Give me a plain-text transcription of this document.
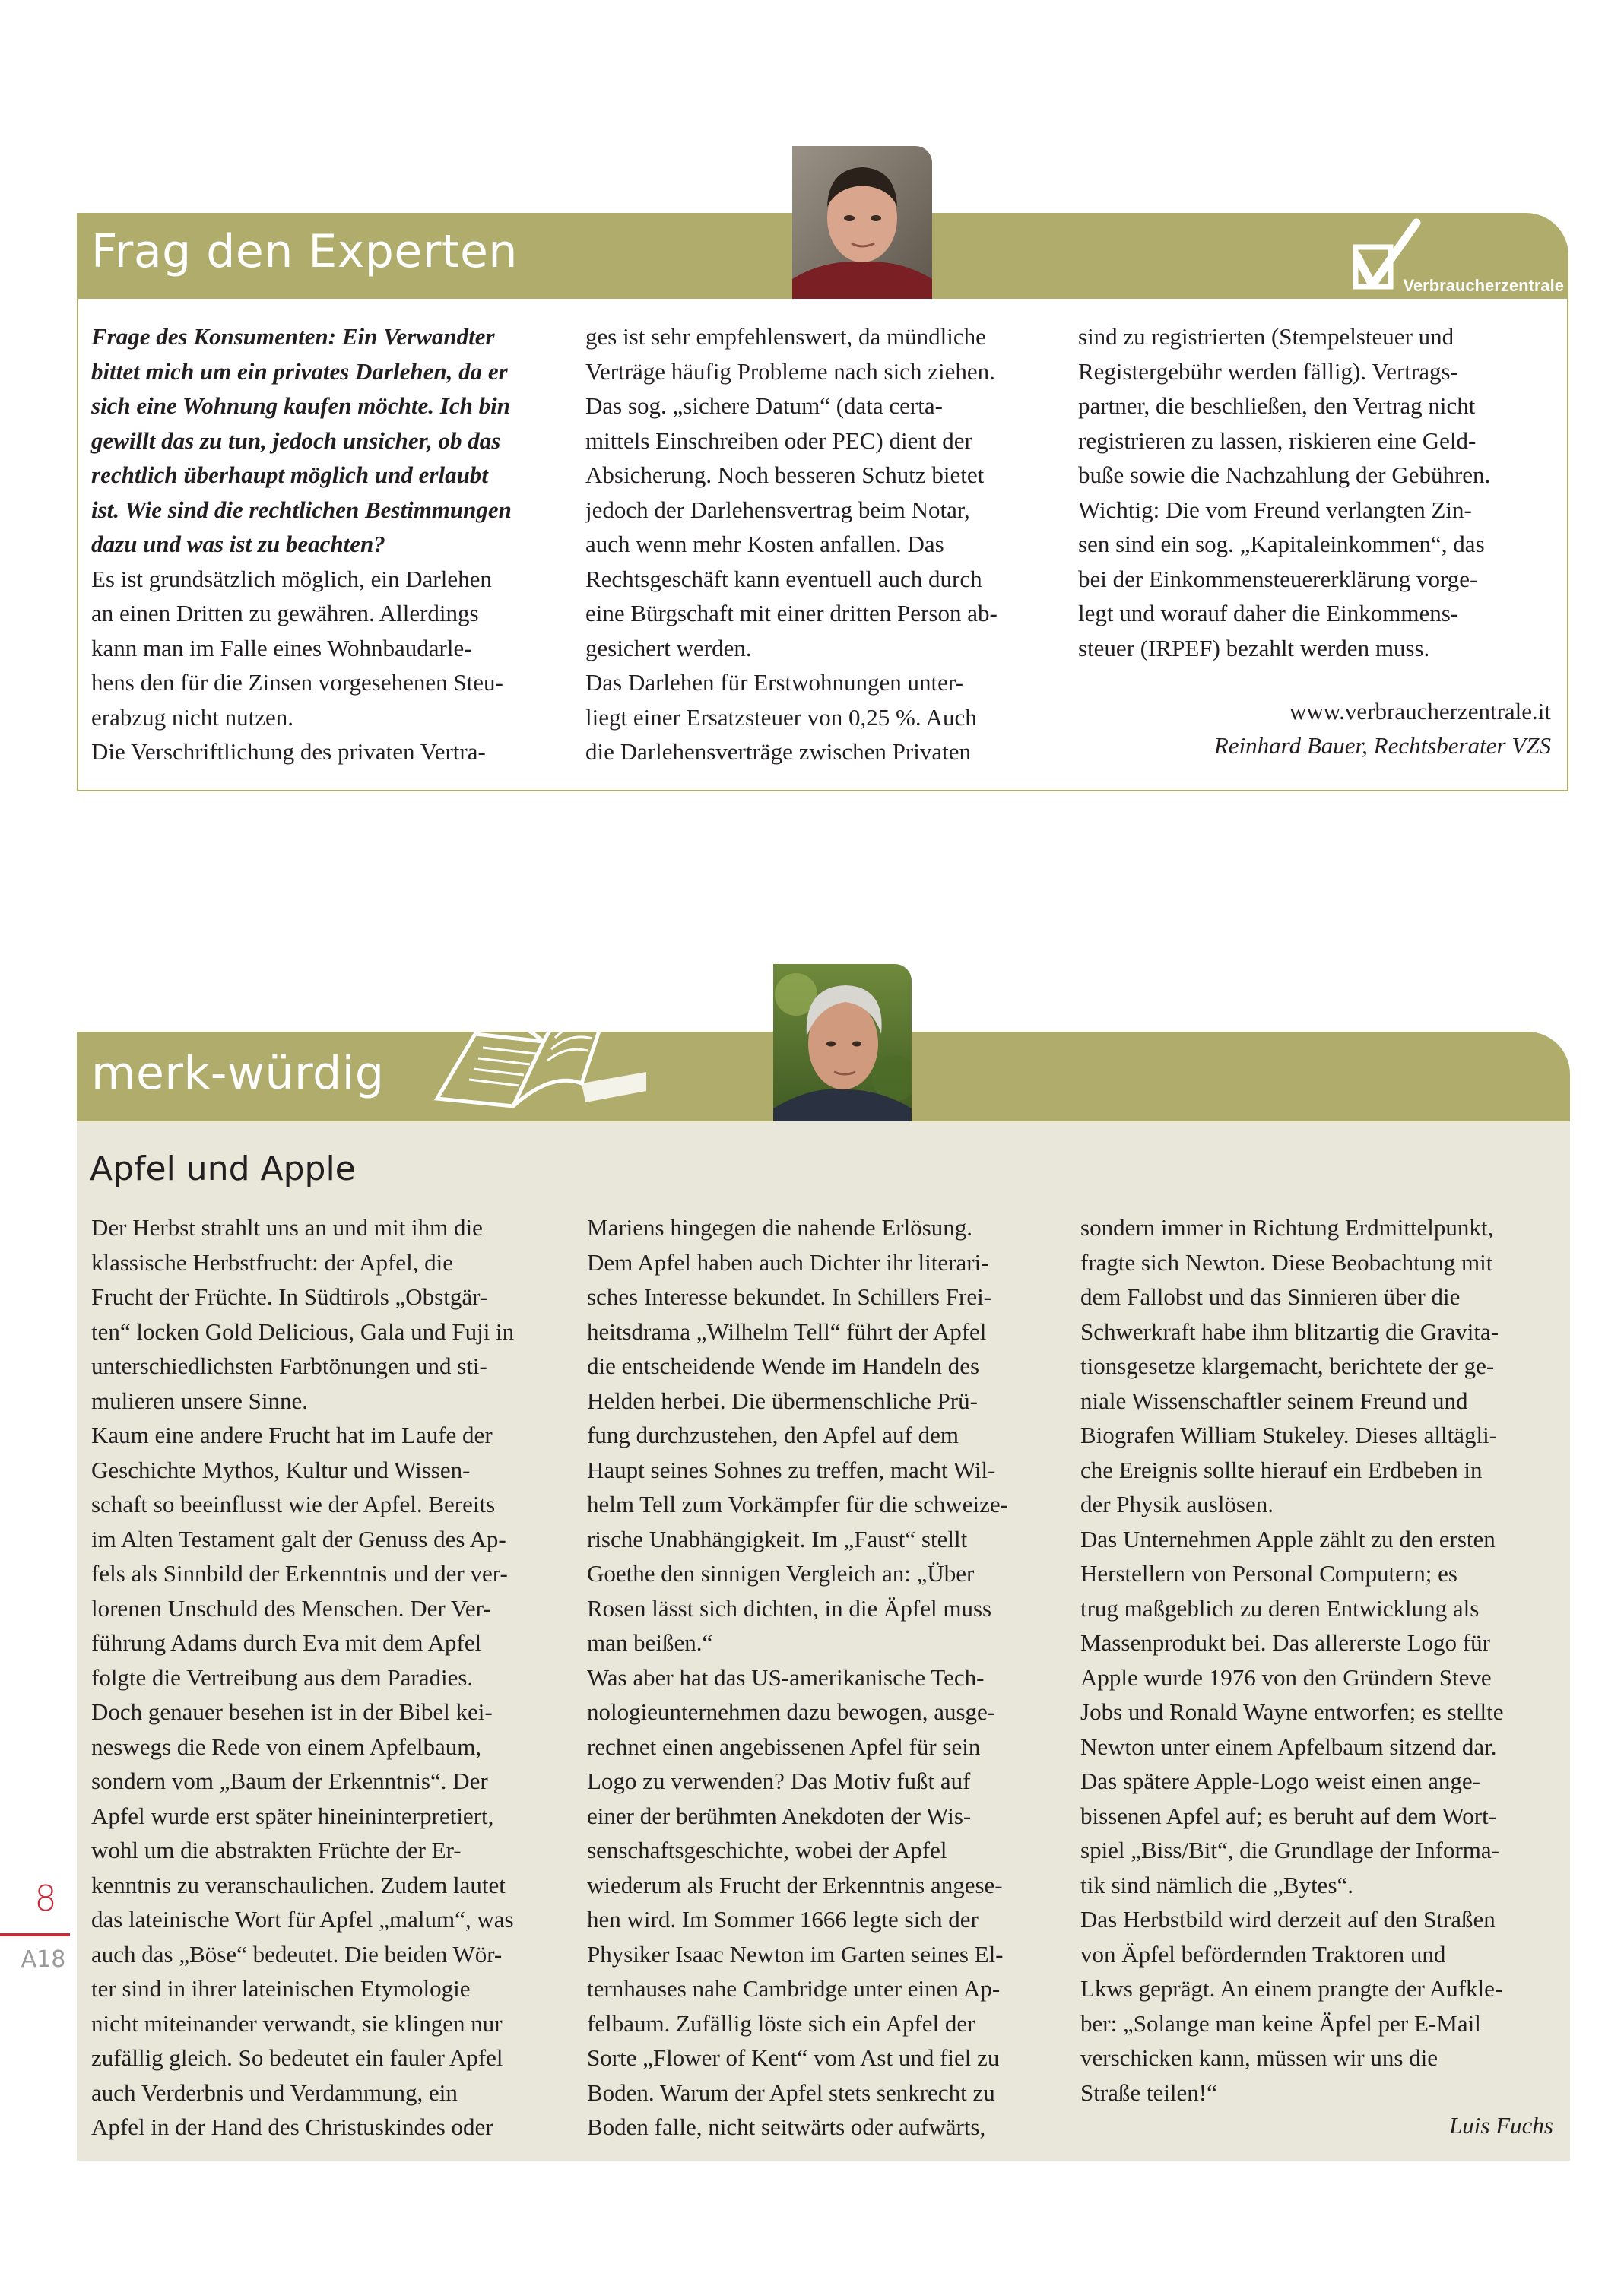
Frag den Experten
Verbraucherzentrale

Frage des Konsumenten: Ein Verwandter

bittet mich um ein privates Darlehen, da er

sich eine Wohnung kaufen möchte. Ich bin

gewillt das zu tun, jedoch unsicher, ob das

rechtlich überhaupt möglich und erlaubt

ist. Wie sind die rechtlichen Bestimmungen

dazu und was ist zu beachten?

Es ist grundsätzlich möglich, ein Darlehen

an einen Dritten zu gewähren. Allerdings

kann man im Falle eines Wohnbaudarle-

hens den für die Zinsen vorgesehenen Steu-

erabzug nicht nutzen.

Die Verschriftlichung des privaten Vertra-

ges ist sehr empfehlenswert, da mündliche

Verträge häufig Probleme nach sich ziehen.

Das sog. „sichere Datum“ (data certa-

mittels Einschreiben oder PEC) dient der

Absicherung. Noch besseren Schutz bietet

jedoch der Darlehensvertrag beim Notar,

auch wenn mehr Kosten anfallen. Das

Rechtsgeschäft kann eventuell auch durch

eine Bürgschaft mit einer dritten Person ab-

gesichert werden.

Das Darlehen für Erstwohnungen unter-

liegt einer Ersatzsteuer von 0,25 %. Auch

die Darlehensverträge zwischen Privaten

sind zu registrierten (Stempelsteuer und

Registergebühr werden fällig). Vertrags-

partner, die beschließen, den Vertrag nicht

registrieren zu lassen, riskieren eine Geld-

buße sowie die Nachzahlung der Gebühren.

Wichtig: Die vom Freund verlangten Zin-

sen sind ein sog. „Kapitaleinkommen“, das

bei der Einkommensteuererklärung vorge-

legt und worauf daher die Einkommens-

steuer (IRPEF) bezahlt werden muss.

www.verbraucherzentrale.it
Reinhard Bauer, Rechtsberater VZS
merk-würdig
Apfel und Apple

Der Herbst strahlt uns an und mit ihm die

klassische Herbstfrucht: der Apfel, die

Frucht der Früchte. In Südtirols „Obstgär-

ten“ locken Gold Delicious, Gala und Fuji in

unterschiedlichsten Farbtönungen und sti-

mulieren unsere Sinne.

Kaum eine andere Frucht hat im Laufe der

Geschichte Mythos, Kultur und Wissen-

schaft so beeinflusst wie der Apfel. Bereits

im Alten Testament galt der Genuss des Ap-

fels als Sinnbild der Erkenntnis und der ver-

lorenen Unschuld des Menschen. Der Ver-

führung Adams durch Eva mit dem Apfel

folgte die Vertreibung aus dem Paradies.

Doch genauer besehen ist in der Bibel kei-

neswegs die Rede von einem Apfelbaum,

sondern vom „Baum der Erkenntnis“. Der

Apfel wurde erst später hineininterpretiert,

wohl um die abstrakten Früchte der Er-

kenntnis zu veranschaulichen. Zudem lautet

das lateinische Wort für Apfel „malum“, was

auch das „Böse“ bedeutet. Die beiden Wör-

ter sind in ihrer lateinischen Etymologie

nicht miteinander verwandt, sie klingen nur

zufällig gleich. So bedeutet ein fauler Apfel

auch Verderbnis und Verdammung, ein

Apfel in der Hand des Christuskindes oder

Mariens hingegen die nahende Erlösung.

Dem Apfel haben auch Dichter ihr literari-

sches Interesse bekundet. In Schillers Frei-

heitsdrama „Wilhelm Tell“ führt der Apfel

die entscheidende Wende im Handeln des

Helden herbei. Die übermenschliche Prü-

fung durchzustehen, den Apfel auf dem

Haupt seines Sohnes zu treffen, macht Wil-

helm Tell zum Vorkämpfer für die schweize-

rische Unabhängigkeit. Im „Faust“ stellt

Goethe den sinnigen Vergleich an: „Über

Rosen lässt sich dichten, in die Äpfel muss

man beißen.“

Was aber hat das US-amerikanische Tech-

nologieunternehmen dazu bewogen, ausge-

rechnet einen angebissenen Apfel für sein

Logo zu verwenden? Das Motiv fußt auf

einer der berühmten Anekdoten der Wis-

senschaftsgeschichte, wobei der Apfel

wiederum als Frucht der Erkenntnis angese-

hen wird. Im Sommer 1666 legte sich der

Physiker Isaac Newton im Garten seines El-

ternhauses nahe Cambridge unter einen Ap-

felbaum. Zufällig löste sich ein Apfel der

Sorte „Flower of Kent“ vom Ast und fiel zu

Boden. Warum der Apfel stets senkrecht zu

Boden falle, nicht seitwärts oder aufwärts,

sondern immer in Richtung Erdmittelpunkt,

fragte sich Newton. Diese Beobachtung mit

dem Fallobst und das Sinnieren über die

Schwerkraft habe ihm blitzartig die Gravita-

tionsgesetze klargemacht, berichtete der ge-

niale Wissenschaftler seinem Freund und

Biografen William Stukeley. Dieses alltägli-

che Ereignis sollte hierauf ein Erdbeben in

der Physik auslösen.

Das Unternehmen Apple zählt zu den ersten

Herstellern von Personal Computern; es

trug maßgeblich zu deren Entwicklung als

Massenprodukt bei. Das allererste Logo für

Apple wurde 1976 von den Gründern Steve

Jobs und Ronald Wayne entworfen; es stellte

Newton unter einem Apfelbaum sitzend dar.

Das spätere Apple-Logo weist einen ange-

bissenen Apfel auf; es beruht auf dem Wort-

spiel „Biss/Bit“, die Grundlage der Informa-

tik sind nämlich die „Bytes“.

Das Herbstbild wird derzeit auf den Straßen

von Äpfel befördernden Traktoren und

Lkws geprägt. An einem prangte der Aufkle-

ber: „Solange man keine Äpfel per E-Mail

verschicken kann, müssen wir uns die

Straße teilen!“

Luis Fuchs
8
A18
